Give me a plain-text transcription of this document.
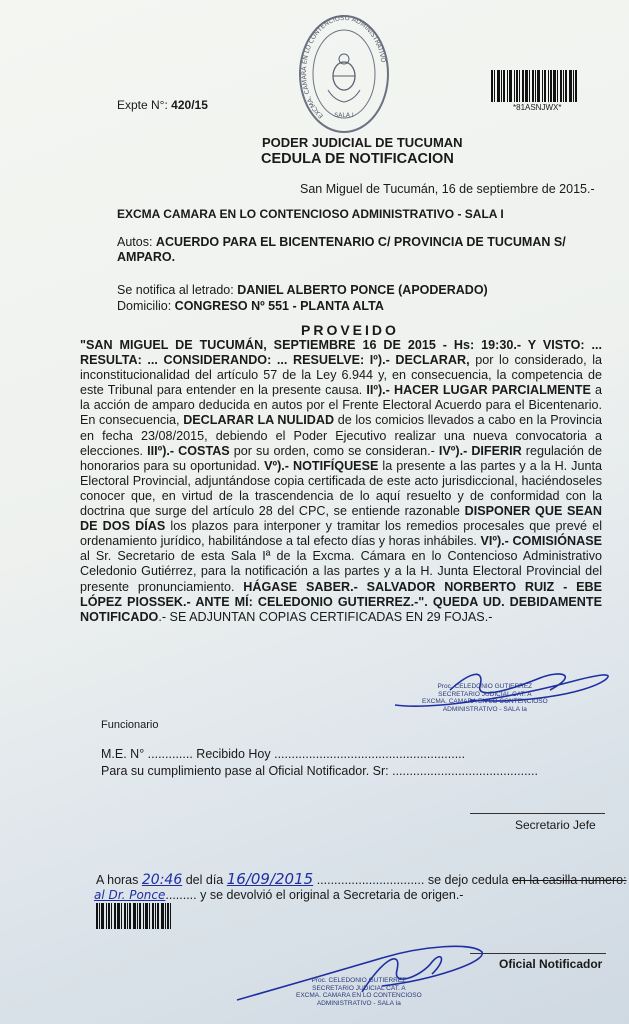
EXCMA. CAMARA EN LO CONTENCIOSO ADMINISTRATIVO
SALA I
*81ASNJWX*
Expte N°: 420/15
PODER JUDICIAL DE TUCUMAN
CEDULA DE NOTIFICACION
San Miguel de Tucumán, 16 de septiembre de 2015.-
EXCMA CAMARA EN LO CONTENCIOSO ADMINISTRATIVO - SALA I
Autos: ACUERDO PARA EL BICENTENARIO C/ PROVINCIA DE TUCUMAN S/
AMPARO.
Se notifica al letrado: DANIEL ALBERTO PONCE (APODERADO)
Domicilio: CONGRESO Nº 551 - PLANTA ALTA
PROVEIDO
"SAN MIGUEL DE TUCUMÁN, SEPTIEMBRE 16 DE 2015 - Hs: 19:30.- Y VISTO: ... RESULTA: ... CONSIDERANDO: ... RESUELVE: Iº).- DECLARAR, por lo considerado, la inconstitucionalidad del artículo 57 de la Ley 6.944 y, en consecuencia, la competencia de este Tribunal para entender en la presente causa. IIº).- HACER LUGAR PARCIALMENTE a la acción de amparo deducida en autos por el Frente Electoral Acuerdo para el Bicentenario. En consecuencia, DECLARAR LA NULIDAD de los comicios llevados a cabo en la Provincia en fecha 23/08/2015, debiendo el Poder Ejecutivo realizar una nueva convocatoria a elecciones. IIIº).- COSTAS por su orden, como se consideran.- IVº).- DIFERIR regulación de honorarios para su oportunidad. Vº).- NOTIFÍQUESE la presente a las partes y a la H. Junta Electoral Provincial, adjuntándose copia certificada de este acto jurisdiccional, haciéndoseles conocer que, en virtud de la trascendencia de lo aquí resuelto y de conformidad con la doctrina que surge del artículo 28 del CPC, se entiende razonable DISPONER QUE SEAN DE DOS DÍAS los plazos para interponer y tramitar los remedios procesales que prevé el ordenamiento jurídico, habilitándose a tal efecto días y horas inhábiles. VIº).- COMISIÓNASE al Sr. Secretario de esta Sala Iª de la Excma. Cámara en lo Contencioso Administrativo Celedonio Gutiérrez, para la notificación a las partes y a la H. Junta Electoral Provincial del presente pronunciamiento. HÁGASE SABER.- SALVADOR NORBERTO RUIZ - EBE LÓPEZ PIOSSEK.- ANTE MÍ: CELEDONIO GUTIERREZ.-". QUEDA UD. DEBIDAMENTE NOTIFICADO.- SE ADJUNTAN COPIAS CERTIFICADAS EN 29 FOJAS.-
Proc. CELEDONIO GUTIERREZ
SECRETARIO JUDICIAL CAT. A
EXCMA. CAMARA EN LO CONTENCIOSO
ADMINISTRATIVO - SALA Ia
Funcionario
M.E. N° ............. Recibido Hoy .......................................................
Para su cumplimiento pase al Oficial Notificador. Sr: ..........................................
Secretario Jefe
A horas 20:46 del día 16/09/2015 ............................... se dejo cedula en la casilla numero:
al Dr. Ponce......... y se devolvió el original a Secretaria de origen.-
Oficial Notificador
Proc. CELEDONIO GUTIERREZ
SECRETARIO JUDICIAL CAT. A
EXCMA. CAMARA EN LO CONTENCIOSO
ADMINISTRATIVO - SALA Ia
